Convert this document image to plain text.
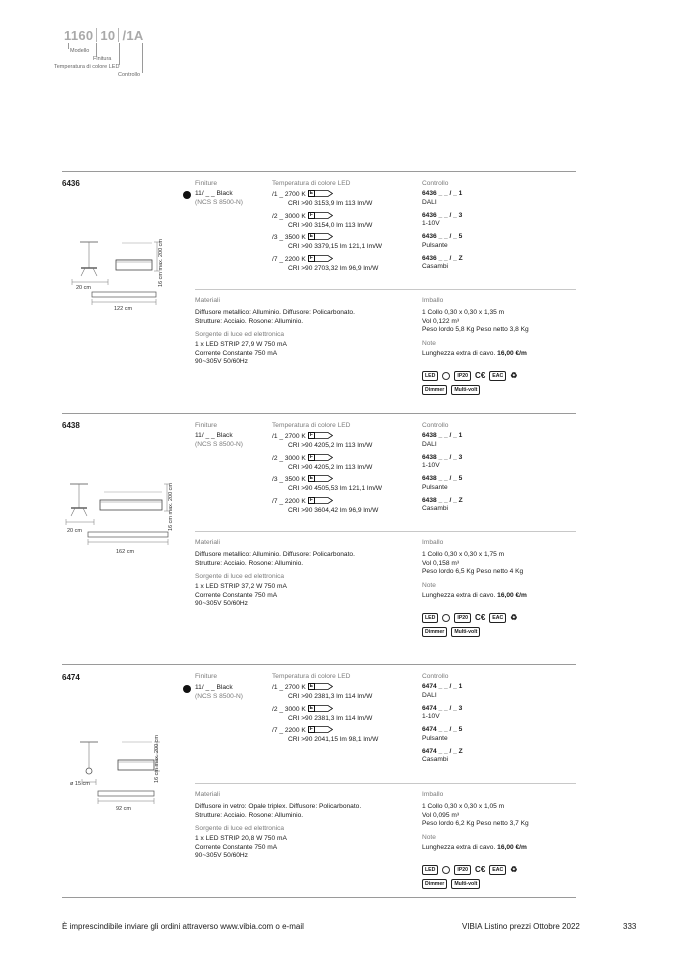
1160 10 /1A
Modello
Finitura
Temperatura di colore LED
Controllo
6436
20 cm
122 cm
16 cm max. 200 cm
Finiture
11/ _ _ Black
(NCS S 8500-N)
Temperatura di colore LED
/1 _ 2700 K E
CRI >90 3153,9 lm 113 lm/W
/2 _ 3000 K F
CRI >90 3154,0 lm 113 lm/W
/3 _ 3500 K E
CRI >90 3379,15 lm 121,1 lm/W
/7 _ 2200 K F
CRI >90 2703,32 lm 96,9 lm/W
Controllo
6436 _ _ / _ 1
DALI
6436 _ _ / _ 3
1-10V
6436 _ _ / _ 5
Pulsante
6436 _ _ / _ Z
Casambi
Materiali
Diffusore metallico: Alluminio. Diffusore: Policarbonato.
Strutture: Acciaio. Rosone: Alluminio.
Sorgente di luce ed elettronica
1 x LED STRIP 27,9 W 750 mA
Corrente Constante 750 mA
90~305V 50/60Hz
Imballo
1 Collo 0,30 x 0,30 x 1,35 m
Vol 0,122 m³
Peso lordo 5,8 Kg Peso netto 3,8 Kg
Note
Lunghezza extra di cavo. 16,00 €/m
LED	IP20 C€ EAC ♻
Dimmer Multi-volt
6438
20 cm
162 cm
16 cm max. 200 cm
Finiture
11/ _ _ Black
(NCS S 8500-N)
Temperatura di colore LED
/1 _ 2700 K F
CRI >90 4205,2 lm 113 lm/W
/2 _ 3000 K F
CRI >90 4205,2 lm 113 lm/W
/3 _ 3500 K E
CRI >90 4505,53 lm 121,1 lm/W
/7 _ 2200 K F
CRI >90 3604,42 lm 96,9 lm/W
Controllo
6438 _ _ / _ 1
DALI
6438 _ _ / _ 3
1-10V
6438 _ _ / _ 5
Pulsante
6438 _ _ / _ Z
Casambi
Materiali
Diffusore metallico: Alluminio. Diffusore: Policarbonato.
Strutture: Acciaio. Rosone: Alluminio.
Sorgente di luce ed elettronica
1 x LED STRIP 37,2 W 750 mA
Corrente Constante 750 mA
90~305V 50/60Hz
Imballo
1 Collo 0,30 x 0,30 x 1,75 m
Vol 0,158 m³
Peso lordo 6,5 Kg Peso netto 4 Kg
Note
Lunghezza extra di cavo. 16,00 €/m
LED	IP20 C€ EAC ♻
Dimmer Multi-volt
6474
ø 15 cm
92 cm
16 cm max. 200 cm
Finiture
11/ _ _ Black
(NCS S 8500-N)
Temperatura di colore LED
/1 _ 2700 K E
CRI >90 2381,3 lm 114 lm/W
/2 _ 3000 K E
CRI >90 2381,3 lm 114 lm/W
/7 _ 2200 K F
CRI >90 2041,15 lm 98,1 lm/W
Controllo
6474 _ _ / _ 1
DALI
6474 _ _ / _ 3
1-10V
6474 _ _ / _ 5
Pulsante
6474 _ _ / _ Z
Casambi
Materiali
Diffusore in vetro: Opale triplex. Diffusore: Policarbonato.
Strutture: Acciaio. Rosone: Alluminio.
Sorgente di luce ed elettronica
1 x LED STRIP 20,8 W 750 mA
Corrente Constante 750 mA
90~305V 50/60Hz
Imballo
1 Collo 0,30 x 0,30 x 1,05 m
Vol 0,095 m³
Peso lordo 6,2 Kg Peso netto 3,7 Kg
Note
Lunghezza extra di cavo. 16,00 €/m
LED	IP20 C€ EAC ♻
Dimmer Multi-volt
È imprescindibile inviare gli ordini attraverso www.vibia.com o e-mail	VIBIA Listino prezzi Ottobre 2022	333
